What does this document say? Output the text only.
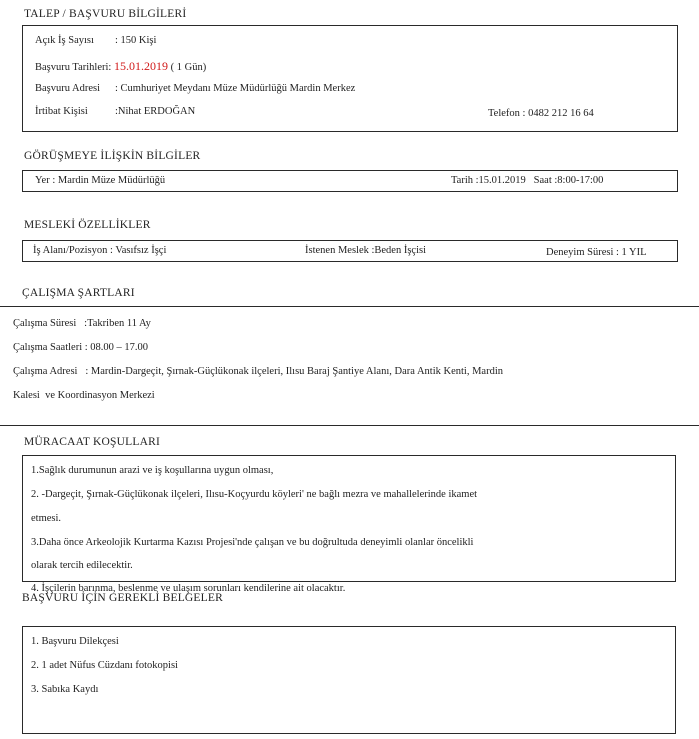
TALEP / BAŞVURU BİLGİLERİ
Açık İş Sayısı : 150 Kişi
Başvuru Tarihleri: 15.01.2019 ( 1 Gün)
Başvuru Adresi : Cumhuriyet Meydanı Müze Müdürlüğü Mardin Merkez
İrtibat Kişisi	:Nihat ERDOĞAN	Telefon : 0482 212 16 64
GÖRÜŞMEYE İLİŞKİN BİLGİLER
Yer : Mardin Müze Müdürlüğü	Tarih :15.01.2019   Saat :8:00-17:00
MESLEKİ ÖZELLİKLER
İş Alanı/Pozisyon : Vasıfsız İşçi	İstenen Meslek :Beden İşçisi	Deneyim Süresi : 1 YIL
ÇALIŞMA ŞARTLARI
Çalışma Süresi   :Takriben 11 Ay
Çalışma Saatleri : 08.00 – 17.00
Çalışma Adresi   : Mardin-Dargeçit, Şırnak-Güçlükonak ilçeleri, Ilısu Baraj Şantiye Alanı, Dara Antik Kenti, Mardin
Kalesi  ve Koordinasyon Merkezi
MÜRACAAT KOŞULLARI
1.Sağlık durumunun arazi ve iş koşullarına uygun olması,
2. -Dargeçit, Şırnak-Güçlükonak ilçeleri, Ilısu-Koçyurdu köyleri' ne bağlı mezra ve mahallelerinde ikamet
etmesi.
3.Daha önce Arkeolojik Kurtarma Kazısı Projesi'nde çalışan ve bu doğrultuda deneyimli olanlar öncelikli
olarak tercih edilecektir.
4. İşçilerin barınma, beslenme ve ulaşım sorunları kendilerine ait olacaktır.
BAŞVURU İÇİN GEREKLİ BELGELER
1. Başvuru Dilekçesi
2. 1 adet Nüfus Cüzdanı fotokopisi
3. Sabıka Kaydı
